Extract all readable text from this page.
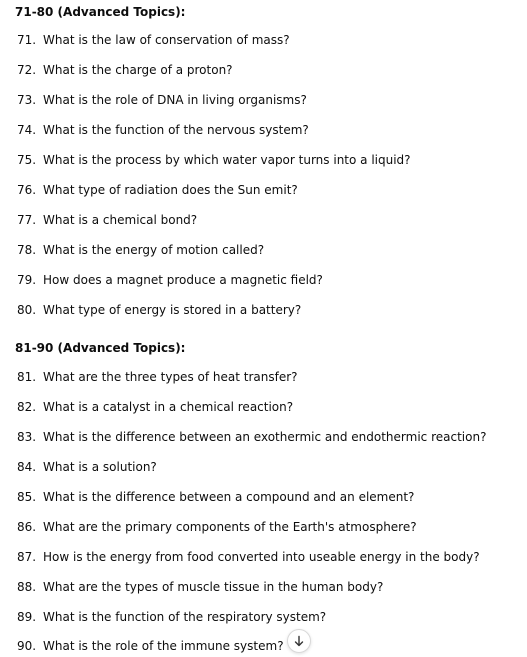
71-80 (Advanced Topics):
71. What is the law of conservation of mass?
72. What is the charge of a proton?
73. What is the role of DNA in living organisms?
74. What is the function of the nervous system?
75. What is the process by which water vapor turns into a liquid?
76. What type of radiation does the Sun emit?
77. What is a chemical bond?
78. What is the energy of motion called?
79. How does a magnet produce a magnetic field?
80. What type of energy is stored in a battery?
81-90 (Advanced Topics):
81. What are the three types of heat transfer?
82. What is a catalyst in a chemical reaction?
83. What is the difference between an exothermic and endothermic reaction?
84. What is a solution?
85. What is the difference between a compound and an element?
86. What are the primary components of the Earth's atmosphere?
87. How is the energy from food converted into useable energy in the body?
88. What are the types of muscle tissue in the human body?
89. What is the function of the respiratory system?
90. What is the role of the immune system?
